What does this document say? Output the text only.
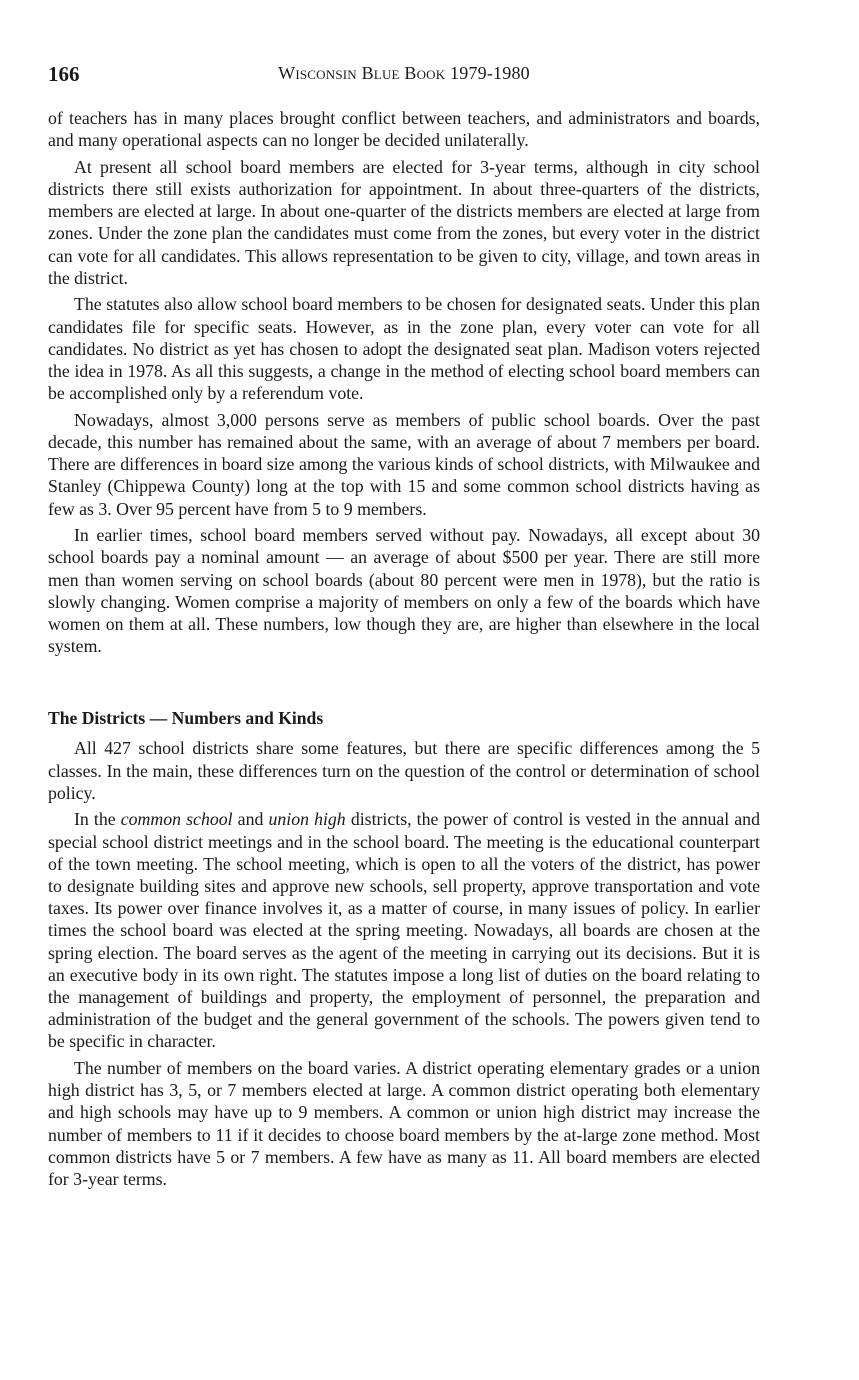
166	Wisconsin Blue Book 1979-1980

of teachers has in many places brought conflict between teachers, and administrators and boards, and many operational aspects can no longer be decided unilaterally.

At present all school board members are elected for 3-year terms, although in city school districts there still exists authorization for appointment. In about three-quarters of the districts, members are elected at large. In about one-quarter of the districts members are elected at large from zones. Under the zone plan the candidates must come from the zones, but every voter in the district can vote for all candidates. This allows representation to be given to city, village, and town areas in the district.

The statutes also allow school board members to be chosen for designated seats. Under this plan candidates file for specific seats. However, as in the zone plan, every voter can vote for all candidates. No district as yet has chosen to adopt the designated seat plan. Madison voters rejected the idea in 1978. As all this suggests, a change in the method of electing school board members can be accomplished only by a referendum vote.

Nowadays, almost 3,000 persons serve as members of public school boards. Over the past decade, this number has remained about the same, with an average of about 7 members per board. There are differences in board size among the various kinds of school districts, with Milwaukee and Stanley (Chippewa County) long at the top with 15 and some common school districts having as few as 3. Over 95 percent have from 5 to 9 members.

In earlier times, school board members served without pay. Nowadays, all except about 30 school boards pay a nominal amount — an average of about $500 per year. There are still more men than women serving on school boards (about 80 percent were men in 1978), but the ratio is slowly changing. Women comprise a majority of members on only a few of the boards which have women on them at all. These numbers, low though they are, are higher than elsewhere in the local system.

The Districts — Numbers and Kinds

All 427 school districts share some features, but there are specific differences among the 5 classes. In the main, these differences turn on the question of the control or determination of school policy.

In the common school and union high districts, the power of control is vested in the annual and special school district meetings and in the school board. The meeting is the educational counterpart of the town meeting. The school meeting, which is open to all the voters of the district, has power to designate building sites and approve new schools, sell property, approve transportation and vote taxes. Its power over finance involves it, as a matter of course, in many issues of policy. In earlier times the school board was elected at the spring meeting. Nowadays, all boards are chosen at the spring election. The board serves as the agent of the meeting in carrying out its decisions. But it is an executive body in its own right. The statutes impose a long list of duties on the board relating to the management of buildings and property, the employment of personnel, the preparation and administration of the budget and the general government of the schools. The powers given tend to be specific in character.

The number of members on the board varies. A district operating elementary grades or a union high district has 3, 5, or 7 members elected at large. A common district operating both elementary and high schools may have up to 9 members. A common or union high district may increase the number of members to 11 if it decides to choose board members by the at-large zone method. Most common districts have 5 or 7 members. A few have as many as 11. All board members are elected for 3-year terms.
